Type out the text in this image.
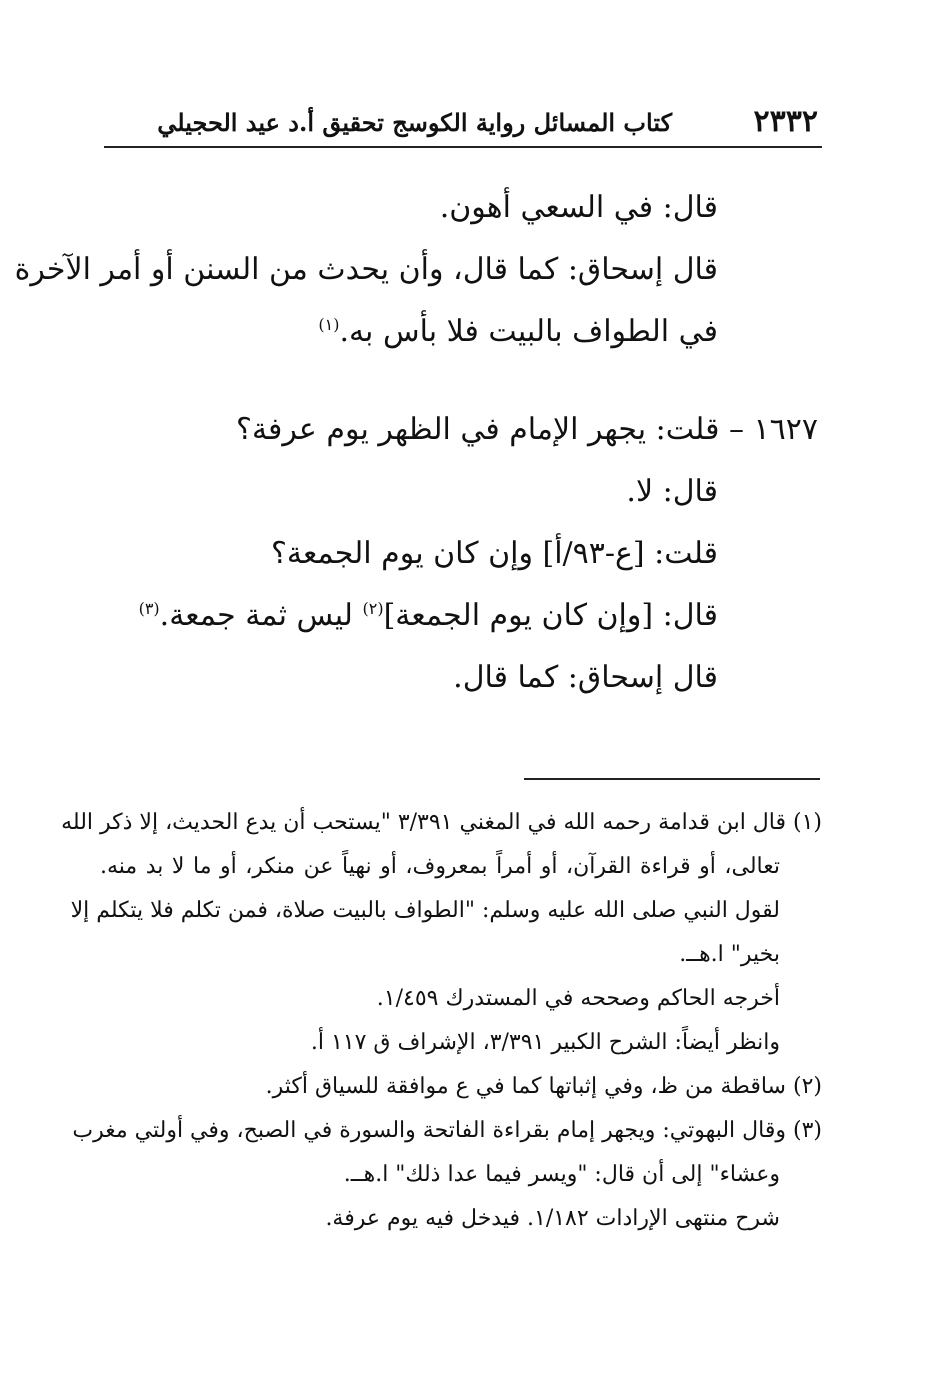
٢٣٣٢
كتاب المسائل رواية الكوسج تحقيق أ.د عيد الحجيلي
قال: في السعي أهون.
قال إسحاق: كما قال، وأن يحدث من السنن أو أمر الآخرة
في الطواف بالبيت فلا بأس به.$^{(١)}$
١٦٢٧ – قلت: يجهر الإمام في الظهر يوم عرفة؟
قال: لا.
قلت: [ع-٩٣/أ] وإن كان يوم الجمعة؟
قال: [وإن كان يوم الجمعة]$^{(٢)}$ ليس ثمة جمعة.$^{(٣)}$
قال إسحاق: كما قال.
(١) قال ابن قدامة رحمه الله في المغني ٣/٣٩١ "يستحب أن يدع الحديث، إلا ذكر الله
تعالى، أو قراءة القرآن، أو أمراً بمعروف، أو نهياً عن منكر، أو ما لا بد منه.
لقول النبي صلى الله عليه وسلم: "الطواف بالبيت صلاة، فمن تكلم فلا يتكلم إلا
بخير" ا.هــ.
أخرجه الحاكم وصححه في المستدرك ١/٤٥٩.
وانظر أيضاً: الشرح الكبير ٣/٣٩١، الإشراف ق ١١٧ أ.
(٢) ساقطة من ظ، وفي إثباتها كما في ع موافقة للسياق أكثر.
(٣) وقال البهوتي: ويجهر إمام بقراءة الفاتحة والسورة في الصبح، وفي أولتي مغرب
وعشاء" إلى أن قال: "ويسر فيما عدا ذلك" ا.هــ.
شرح منتهى الإرادات ١/١٨٢. فيدخل فيه يوم عرفة.
